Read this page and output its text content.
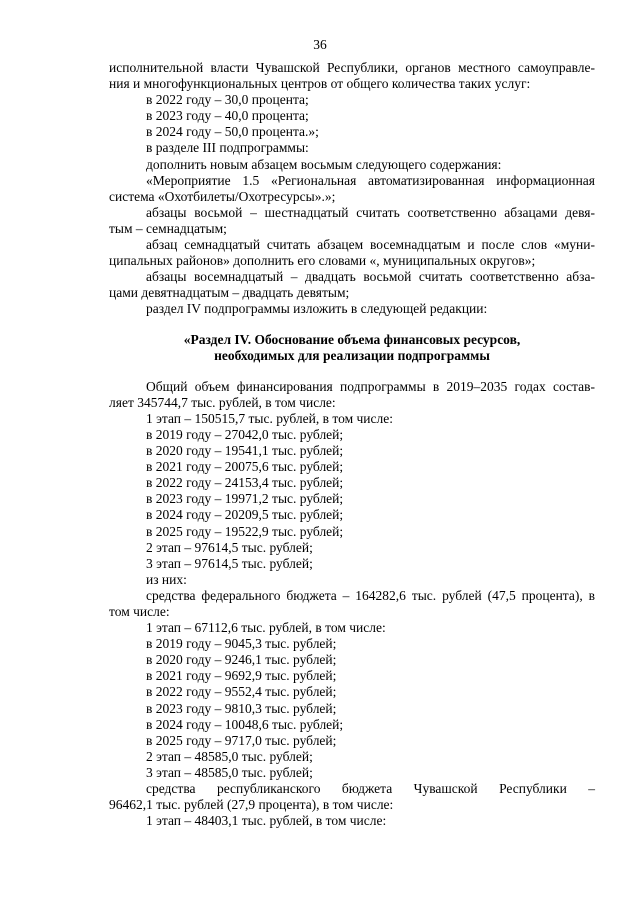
36
исполнительной власти Чувашской Республики, органов местного самоуправле-
ния и многофункциональных центров от общего количества таких услуг:
в 2022 году – 30,0 процента;
в 2023 году – 40,0 процента;
в 2024 году – 50,0 процента.»;
в разделе III подпрограммы:
дополнить новым абзацем восьмым следующего содержания:
«Мероприятие 1.5 «Региональная автоматизированная информационная
система «Охотбилеты/Охотресурсы».»;
абзацы восьмой – шестнадцатый считать соответственно абзацами девя-
тым – семнадцатым;
абзац семнадцатый считать абзацем восемнадцатым и после слов «муни-
ципальных районов» дополнить его словами «, муниципальных округов»;
абзацы восемнадцатый – двадцать восьмой считать соответственно абза-
цами девятнадцатым – двадцать девятым;
раздел IV подпрограммы изложить в следующей редакции:
«Раздел IV. Обоснование объема финансовых ресурсов,
необходимых для реализации подпрограммы
Общий объем финансирования подпрограммы в 2019–2035 годах состав-
ляет 345744,7 тыс. рублей, в том числе:
1 этап – 150515,7 тыс. рублей, в том числе:
в 2019 году – 27042,0 тыс. рублей;
в 2020 году – 19541,1 тыс. рублей;
в 2021 году – 20075,6 тыс. рублей;
в 2022 году – 24153,4 тыс. рублей;
в 2023 году – 19971,2 тыс. рублей;
в 2024 году – 20209,5 тыс. рублей;
в 2025 году – 19522,9 тыс. рублей;
2 этап – 97614,5 тыс. рублей;
3 этап – 97614,5 тыс. рублей;
из них:
средства федерального бюджета – 164282,6 тыс. рублей (47,5 процента), в
том числе:
1 этап – 67112,6 тыс. рублей, в том числе:
в 2019 году – 9045,3 тыс. рублей;
в 2020 году – 9246,1 тыс. рублей;
в 2021 году – 9692,9 тыс. рублей;
в 2022 году – 9552,4 тыс. рублей;
в 2023 году – 9810,3 тыс. рублей;
в 2024 году – 10048,6 тыс. рублей;
в 2025 году – 9717,0 тыс. рублей;
2 этап – 48585,0 тыс. рублей;
3 этап – 48585,0 тыс. рублей;
средства республиканского бюджета Чувашской Республики –
96462,1 тыс. рублей (27,9 процента), в том числе:
1 этап – 48403,1 тыс. рублей, в том числе:
